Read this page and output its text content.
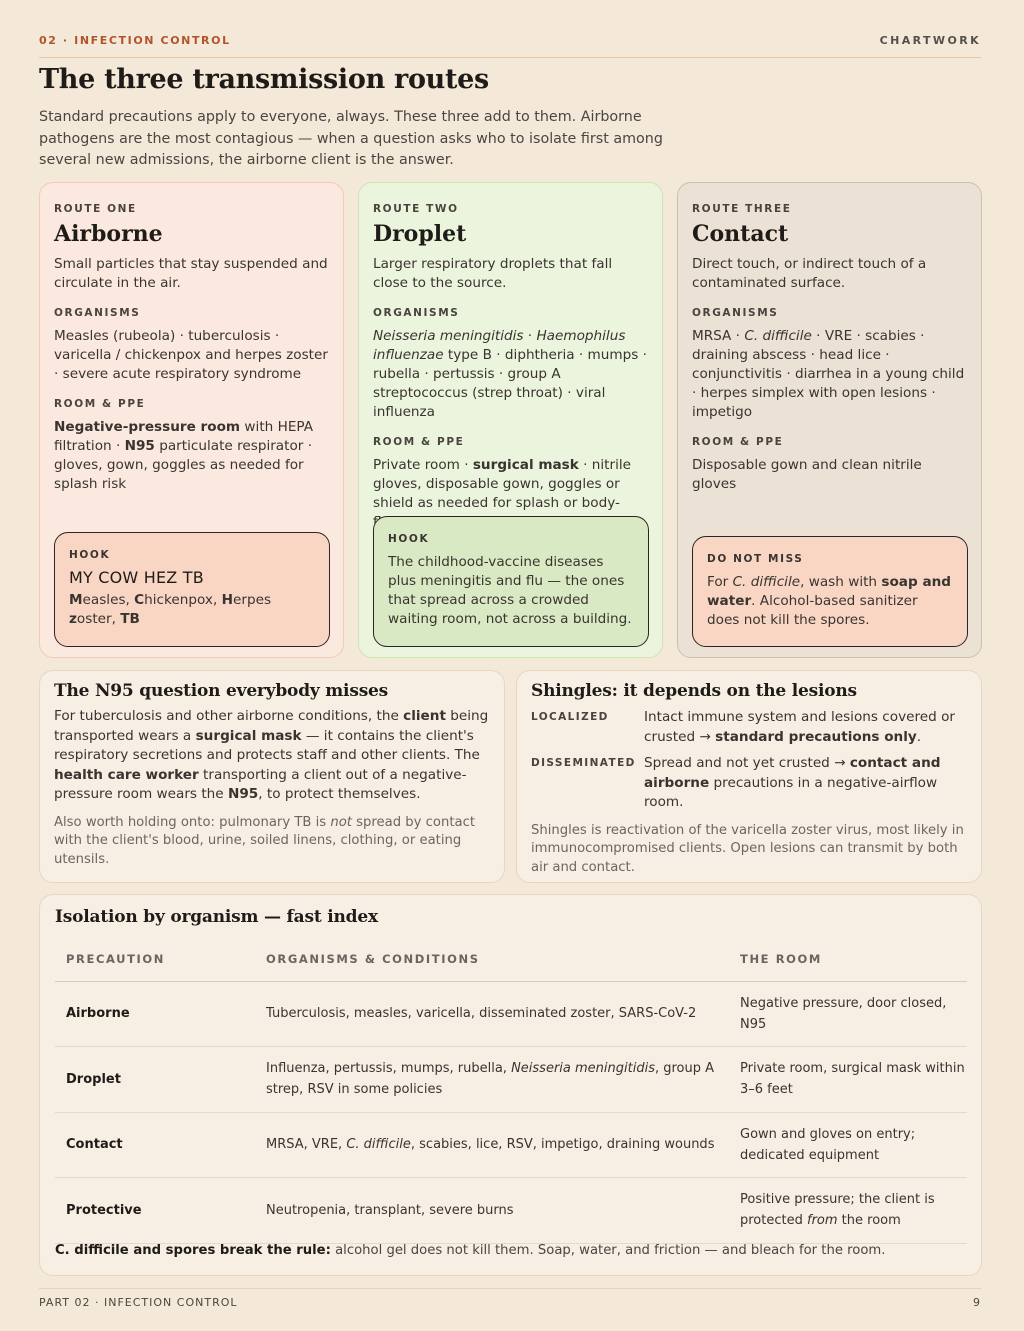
02 · INFECTION CONTROL	CHARTWORK
The three transmission routes

Standard precautions apply to everyone, always. These three add to them. Airborne pathogens are the most contagious — when a question asks who to isolate first among several new admissions, the airborne client is the answer.

ROUTE ONE
Airborne

Small particles that stay suspended and circulate in the air.

ORGANISMS

Measles (rubeola) · tuberculosis · varicella / chickenpox and herpes zoster · severe acute respiratory syndrome

ROOM & PPE

Negative-pressure room with HEPA filtration · N95 particulate respirator · gloves, gown, goggles as needed for splash risk

HOOK
MY COW HEZ TB

Measles, Chickenpox, Herpes zoster, TB

ROUTE TWO
Droplet

Larger respiratory droplets that fall close to the source.

ORGANISMS

Neisseria meningitidis · Haemophilus influenzae type B · diphtheria · mumps · rubella · pertussis · group A streptococcus (strep throat) · viral influenza

ROOM & PPE

Private room · surgical mask · nitrile gloves, disposable gown, goggles or shield as needed for splash or body-

HOOK

The childhood-vaccine diseases plus meningitis and flu — the ones that spread across a crowded waiting room, not across a building.

ROUTE THREE
Contact

Direct touch, or indirect touch of a contaminated surface.

ORGANISMS

MRSA · C. difficile · VRE · scabies · draining abscess · head lice · conjunctivitis · diarrhea in a young child · herpes simplex with open lesions · impetigo

ROOM & PPE

Disposable gown and clean nitrile gloves

DO NOT MISS

For C. difficile, wash with soap and water. Alcohol-based sanitizer does not kill the spores.

The N95 question everybody misses

For tuberculosis and other airborne conditions, the client being transported wears a surgical mask — it contains the client's respiratory secretions and protects staff and other clients. The health care worker transporting a client out of a negative-pressure room wears the N95, to protect themselves.

Also worth holding onto: pulmonary TB is not spread by contact with the client's blood, urine, soiled linens, clothing, or eating utensils.

Shingles: it depends on the lesions
LOCALIZED	Intact immune system and lesions covered or crusted → standard precautions only.
DISSEMINATED Spread and not yet crusted → contact and airborne precautions in a negative-airflow room.

Shingles is reactivation of the varicella zoster virus, most likely in immunocompromised clients. Open lesions can transmit by both air and contact.

Isolation by organism — fast index
PRECAUTION	ORGANISMS & CONDITIONS	THE ROOM
Airborne	Tuberculosis, measles, varicella, disseminated zoster, SARS-CoV-2	Negative pressure, door closed, N95
Droplet	Influenza, pertussis, mumps, rubella, Neisseria meningitidis, group A strep, RSV in some policies	Private room, surgical mask within 3–6 feet
Contact	MRSA, VRE, C. difficile, scabies, lice, RSV, impetigo, draining wounds	Gown and gloves on entry; dedicated equipment
Protective	Neutropenia, transplant, severe burns	Positive pressure; the client is protected from the room

C. difficile and spores break the rule: alcohol gel does not kill them. Soap, water, and friction — and bleach for the room.

PART 02 · INFECTION CONTROL	9
